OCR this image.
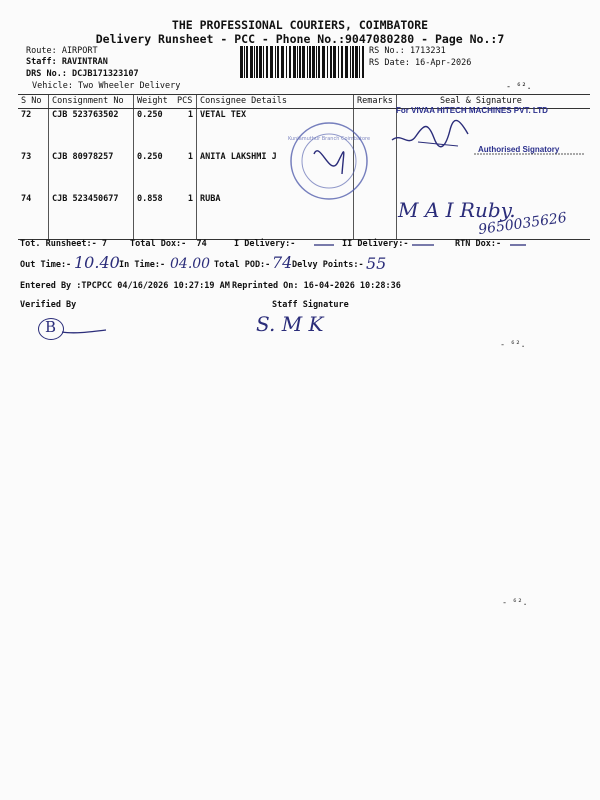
THE PROFESSIONAL COURIERS, COIMBATORE
Delivery Runsheet - PCC - Phone No.:9047080280 - Page No.:7
Route: AIRPORT
Staff: RAVINTRAN
DRS No.: DCJB171323107
Vehicle: Two Wheeler Delivery
RS No.: 1713231
RS Date: 16-Apr-2026
- ⁶².
S No	Consignment No	Weight	PCS	Consignee Details	Remarks	Seal & Signature
72	CJB 523763502	0.250	1	VETAL TEX		
73	CJB 80978257	0.250	1	ANITA LAKSHMI J		
74	CJB 523450677	0.858	1	RUBA		
For VIVAA HITECH MACHINES PVT. LTD
Authorised Signatory
Kuniamuthur Branch Coimbatore
M A I Ruby.
9650035626
Tot. Runsheet:- 7	Total Dox:-  74	I Delivery:-	II Delivery:-	RTN Dox:-
Out Time:- 10.40 In Time:- 04.00 Total POD:- 74 Delvy Points:- 55
Entered By :TPCPCC 04/16/2026 10:27:19 AM Reprinted On: 16-04-2026 10:28:36
Verified By	Staff Signature
B	S. M K
- ⁶².
- ⁶².
